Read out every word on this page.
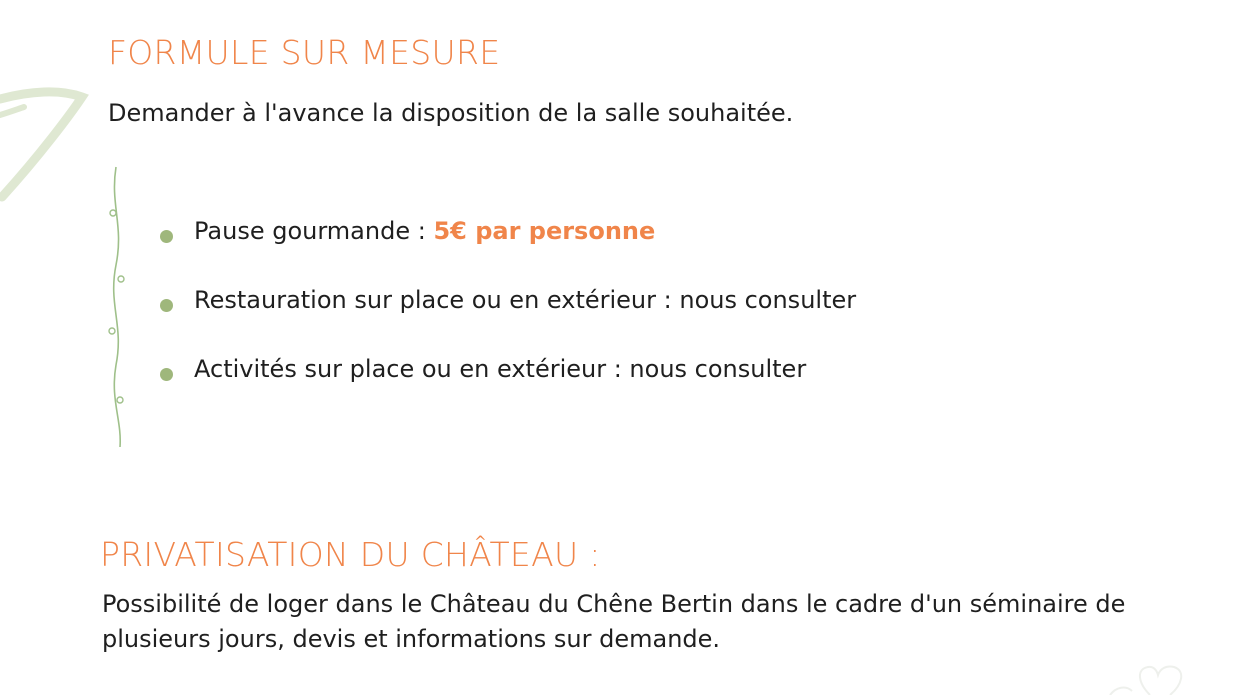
FORMULE SUR MESURE

Demander à l'avance la disposition de la salle souhaitée.

Pause gourmande : 5€ par personne
Restauration sur place ou en extérieur : nous consulter
Activités sur place ou en extérieur : nous consulter
PRIVATISATION DU CHÂTEAU :

Possibilité de loger dans le Château du Chêne Bertin dans le cadre d'un séminaire de plusieurs jours, devis et informations sur demande.
